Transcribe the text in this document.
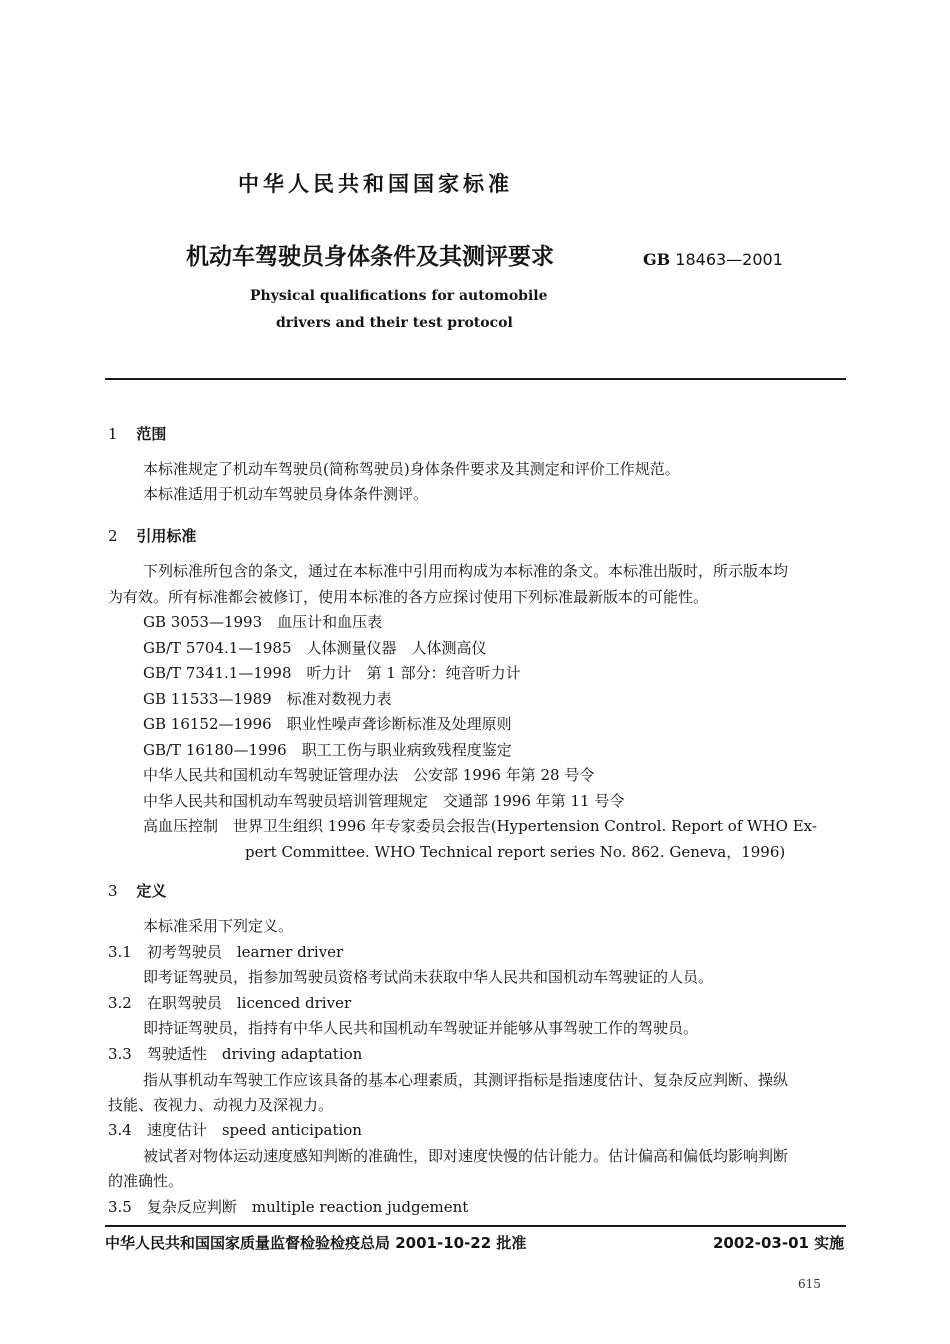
中华人民共和国国家标准
机动车驾驶员身体条件及其测评要求	GB 18463—2001
Physical qualifications for automobile
drivers and their test protocol
1 范围
本标准规定了机动车驾驶员(简称驾驶员)身体条件要求及其测定和评价工作规范。
本标准适用于机动车驾驶员身体条件测评。
2 引用标准
下列标准所包含的条文，通过在本标准中引用而构成为本标准的条文。本标准出版时，所示版本均
为有效。所有标准都会被修订，使用本标准的各方应探讨使用下列标准最新版本的可能性。
GB 3053—1993　血压计和血压表
GB/T 5704.1—1985　人体测量仪器　人体测高仪
GB/T 7341.1—1998　听力计　第 1 部分：纯音听力计
GB 11533—1989　标准对数视力表
GB 16152—1996　职业性噪声聋诊断标准及处理原则
GB/T 16180—1996　职工工伤与职业病致残程度鉴定
中华人民共和国机动车驾驶证管理办法　公安部 1996 年第 28 号令
中华人民共和国机动车驾驶员培训管理规定　交通部 1996 年第 11 号令
高血压控制　世界卫生组织 1996 年专家委员会报告(Hypertension Control. Report of WHO Ex-
pert Committee. WHO Technical report series No. 862. Geneva，1996)
3 定义
本标准采用下列定义。
3.1　初考驾驶员　learner driver
即考证驾驶员，指参加驾驶员资格考试尚未获取中华人民共和国机动车驾驶证的人员。
3.2　在职驾驶员　licenced driver
即持证驾驶员，指持有中华人民共和国机动车驾驶证并能够从事驾驶工作的驾驶员。
3.3　驾驶适性　driving adaptation
指从事机动车驾驶工作应该具备的基本心理素质，其测评指标是指速度估计、复杂反应判断、操纵
技能、夜视力、动视力及深视力。
3.4　速度估计　speed anticipation
被试者对物体运动速度感知判断的准确性，即对速度快慢的估计能力。估计偏高和偏低均影响判断
的准确性。
3.5　复杂反应判断　multiple reaction judgement
中华人民共和国国家质量监督检验检疫总局 2001-10-22 批准	2002-03-01 实施
615
